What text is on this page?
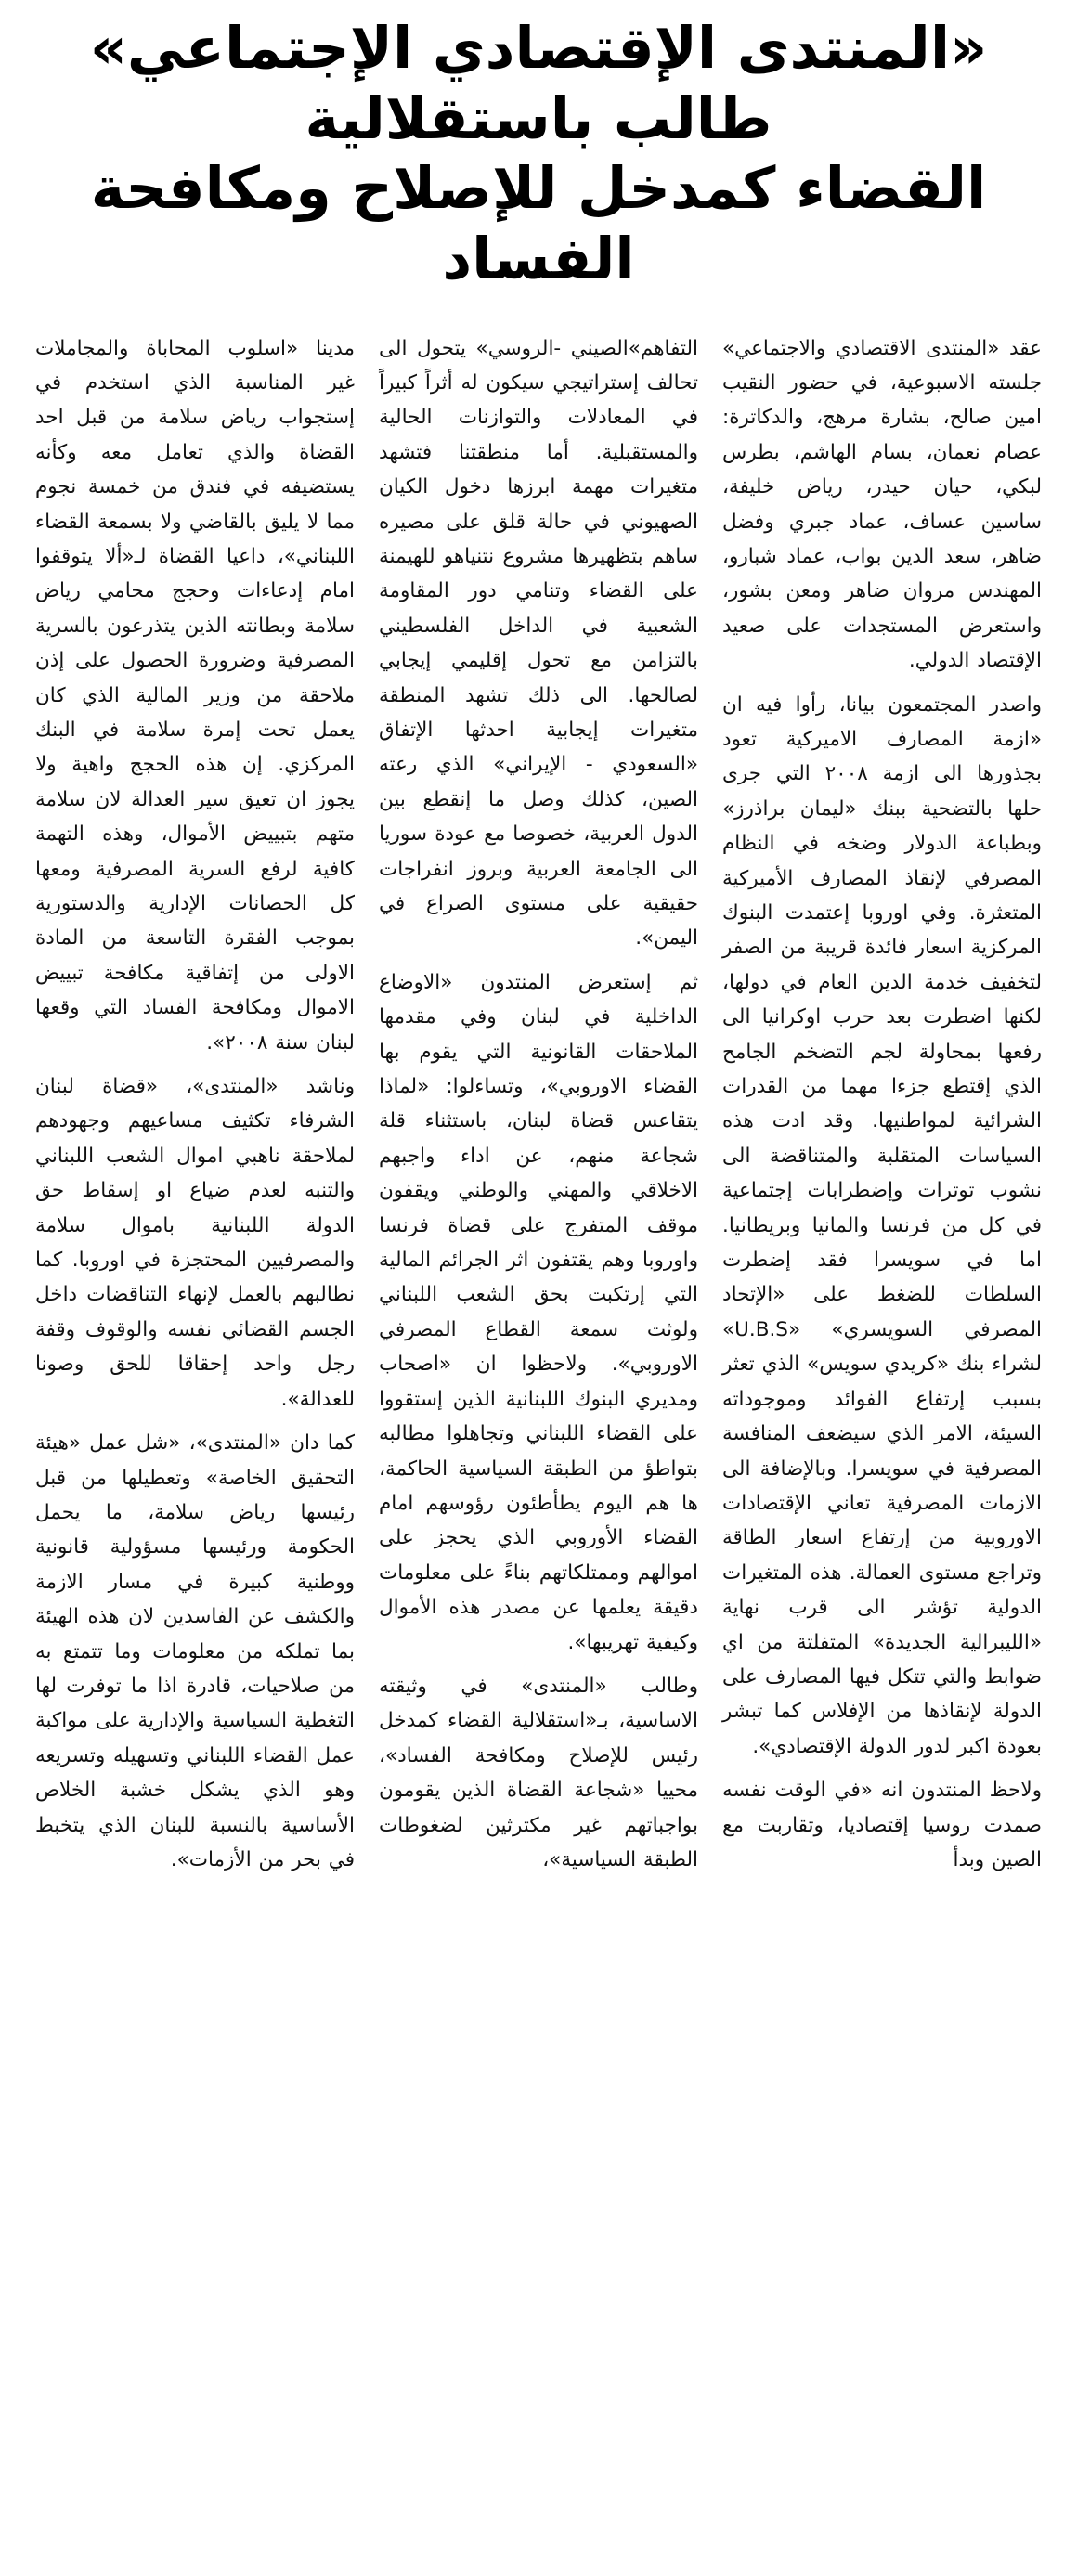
«المنتدى الإقتصادي الإجتماعي» طالب باستقلالية
القضاء كمدخل للإصلاح ومكافحة الفساد

عقد «المنتدى الاقتصادي والاجتماعي» جلسته الاسبوعية، في حضور النقيب امين صالح، بشارة مرهج، والدكاترة: عصام نعمان، بسام الهاشم، بطرس لبكي، حيان حيدر، رياض خليفة، ساسين عساف، عماد جبري وفضل ضاهر، سعد الدين بواب، عماد شبارو، المهندس مروان ضاهر ومعن بشور، واستعرض المستجدات على صعيد الإقتصاد الدولي.

واصدر المجتمعون بيانا، رأوا فيه ان «ازمة المصارف الاميركية تعود بجذورها الى ازمة ٢٠٠٨ التي جرى حلها بالتضحية ببنك «ليمان براذرز» وبطباعة الدولار وضخه في النظام المصرفي لإنقاذ المصارف الأميركية المتعثرة. وفي اوروبا إعتمدت البنوك المركزية اسعار فائدة قريبة من الصفر لتخفيف خدمة الدين العام في دولها، لكنها اضطرت بعد حرب اوكرانيا الى رفعها بمحاولة لجم التضخم الجامح الذي إقتطع جزءا مهما من القدرات الشرائية لمواطنيها. وقد ادت هذه السياسات المتقلبة والمتناقضة الى نشوب توترات وإضطرابات إجتماعية في كل من فرنسا والمانيا وبريطانيا. اما في سويسرا فقد إضطرت السلطات للضغط على «الإتحاد المصرفي السويسري» «U.B.S» لشراء بنك «كريدي سويس» الذي تعثر بسبب إرتفاع الفوائد وموجوداته السيئة، الامر الذي سيضعف المنافسة المصرفية في سويسرا. وبالإضافة الى الازمات المصرفية تعاني الإقتصادات الاوروبية من إرتفاع اسعار الطاقة وتراجع مستوى العمالة. هذه المتغيرات الدولية تؤشر الى قرب نهاية «الليبرالية الجديدة» المتفلتة من اي ضوابط والتي تتكل فيها المصارف على الدولة لإنقاذها من الإفلاس كما تبشر بعودة اكبر لدور الدولة الإقتصادي».

ولاحظ المنتدون انه «في الوقت نفسه صمدت روسيا إقتصاديا، وتقاربت مع الصين وبدأ

التفاهم»الصيني -الروسي» يتحول الى تحالف إستراتيجي سيكون له أثراً كبيراً في المعادلات والتوازنات الحالية والمستقبلية. أما منطقتنا فتشهد متغيرات مهمة ابرزها دخول الكيان الصهيوني في حالة قلق على مصيره ساهم بتظهيرها مشروع نتنياهو للهيمنة على القضاء وتنامي دور المقاومة الشعبية في الداخل الفلسطيني بالتزامن مع تحول إقليمي إيجابي لصالحها. الى ذلك تشهد المنطقة متغيرات إيجابية احدثها الإتفاق «السعودي - الإيراني» الذي رعته الصين، كذلك وصل ما إنقطع بين الدول العربية، خصوصا مع عودة سوريا الى الجامعة العربية وبروز انفراجات حقيقية على مستوى الصراع في اليمن».

ثم إستعرض المنتدون «الاوضاع الداخلية في لبنان وفي مقدمها الملاحقات القانونية التي يقوم بها القضاء الاوروبي»، وتساءلوا: «لماذا يتقاعس قضاة لبنان، باستثناء قلة شجاعة منهم، عن اداء واجبهم الاخلاقي والمهني والوطني ويقفون موقف المتفرج على قضاة فرنسا واوروبا وهم يقتفون اثر الجرائم المالية التي إرتكبت بحق الشعب اللبناني ولوثت سمعة القطاع المصرفي الاوروبي». ولاحظوا ان «اصحاب ومديري البنوك اللبنانية الذين إستقووا على القضاء اللبناني وتجاهلوا مطالبه بتواطؤ من الطبقة السياسية الحاكمة، ها هم اليوم يطأطئون رؤوسهم امام القضاء الأوروبي الذي يحجز على اموالهم وممتلكاتهم بناءً على معلومات دقيقة يعلمها عن مصدر هذه الأموال وكيفية تهريبها».

وطالب «المنتدى» في وثيقته الاساسية، بـ«استقلالية القضاء كمدخل رئيس للإصلاح ومكافحة الفساد»، محييا «شجاعة القضاة الذين يقومون بواجباتهم غير مكترثين لضغوطات الطبقة السياسية»،

مدينا «اسلوب المحاباة والمجاملات غير المناسبة الذي استخدم في إستجواب رياض سلامة من قبل احد القضاة والذي تعامل معه وكأنه يستضيفه في فندق من خمسة نجوم مما لا يليق بالقاضي ولا بسمعة القضاء اللبناني»، داعيا القضاة لـ«ألا يتوقفوا امام إدعاءات وحجج محامي رياض سلامة وبطانته الذين يتذرعون بالسرية المصرفية وضرورة الحصول على إذن ملاحقة من وزير المالية الذي كان يعمل تحت إمرة سلامة في البنك المركزي. إن هذه الحجج واهية ولا يجوز ان تعيق سير العدالة لان سلامة متهم بتبييض الأموال، وهذه التهمة كافية لرفع السرية المصرفية ومعها كل الحصانات الإدارية والدستورية بموجب الفقرة التاسعة من المادة الاولى من إتفاقية مكافحة تبييض الاموال ومكافحة الفساد التي وقعها لبنان سنة ٢٠٠٨».

وناشد «المنتدى»، «قضاة لبنان الشرفاء تكثيف مساعيهم وجهودهم لملاحقة ناهبي اموال الشعب اللبناني والتنبه لعدم ضياع او إسقاط حق الدولة اللبنانية باموال سلامة والمصرفيين المحتجزة في اوروبا. كما نطالبهم بالعمل لإنهاء التناقضات داخل الجسم القضائي نفسه والوقوف وقفة رجل واحد إحقاقا للحق وصونا للعدالة».

كما دان «المنتدى»، «شل عمل «هيئة التحقيق الخاصة» وتعطيلها من قبل رئيسها رياض سلامة، ما يحمل الحكومة ورئيسها مسؤولية قانونية ووطنية كبيرة في مسار الازمة والكشف عن الفاسدين لان هذه الهيئة بما تملكه من معلومات وما تتمتع به من صلاحيات، قادرة اذا ما توفرت لها التغطية السياسية والإدارية على مواكبة عمل القضاء اللبناني وتسهيله وتسريعه وهو الذي يشكل خشبة الخلاص الأساسية بالنسبة للبنان الذي يتخبط في بحر من الأزمات».
